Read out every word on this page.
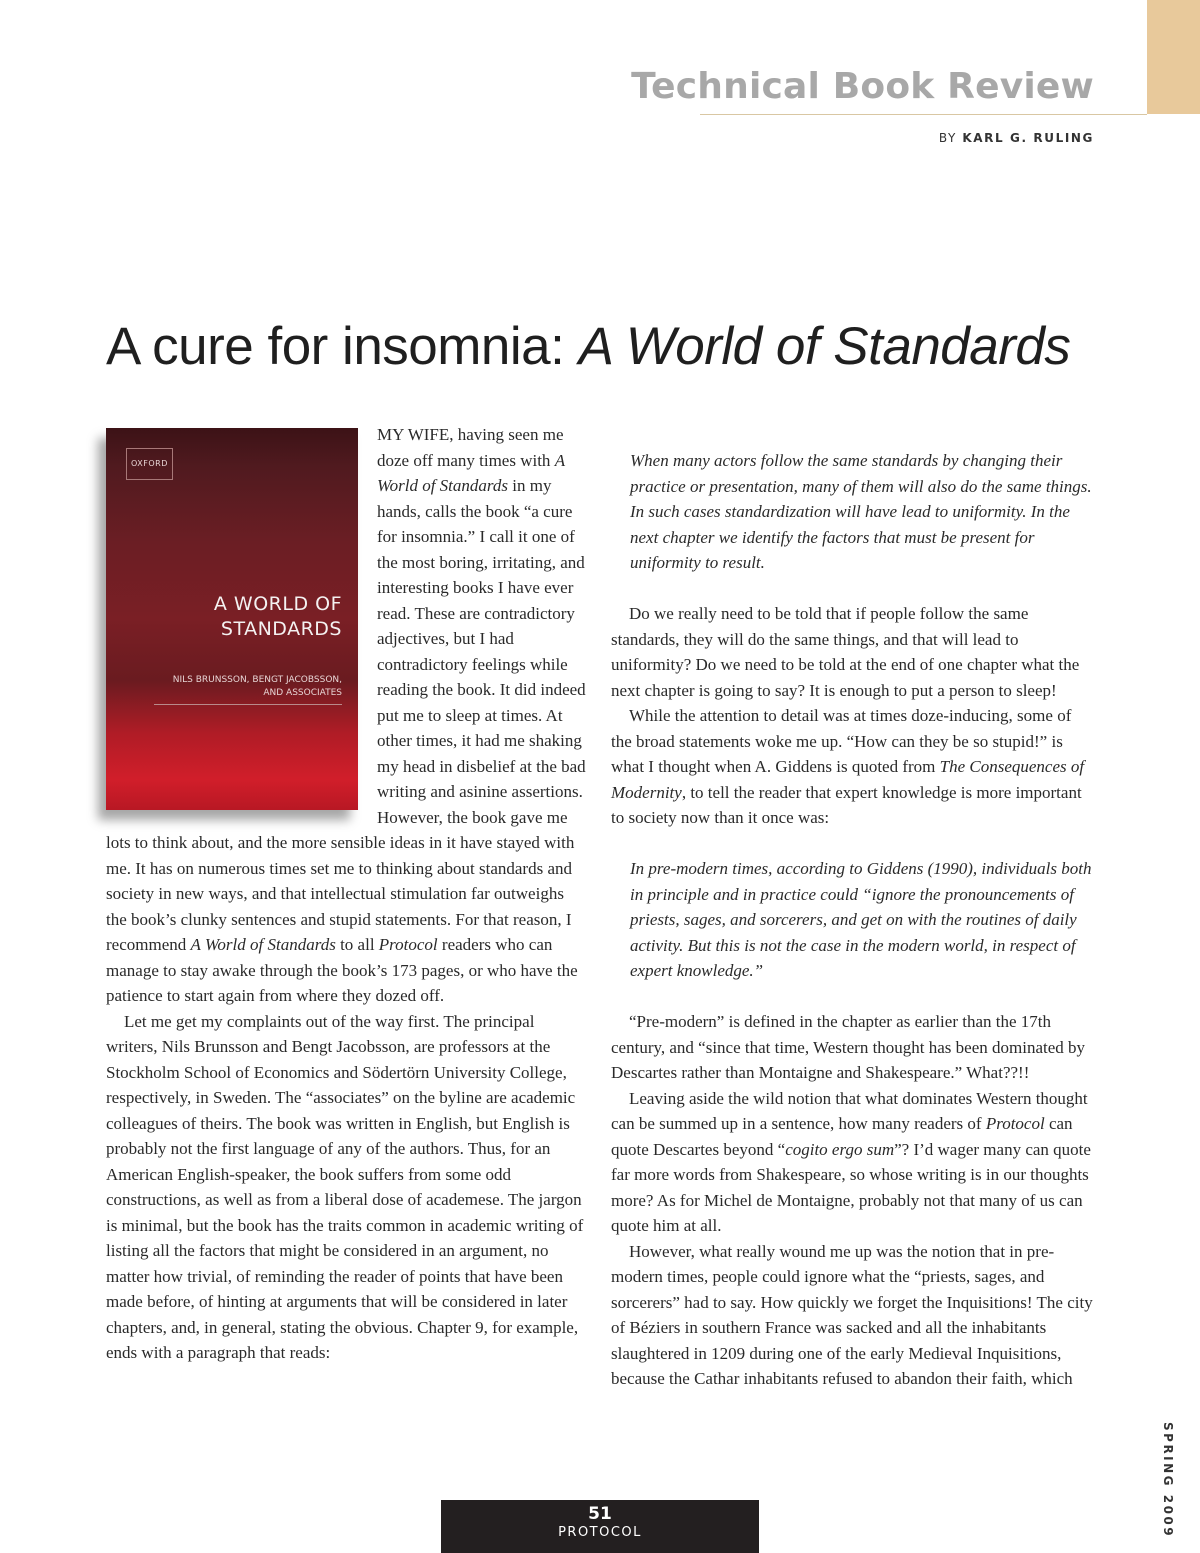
Technical Book Review
BY KARL G. RULING
A cure for insomnia: A World of Standards
OXFORD
A WORLD OF
STANDARDS
NILS BRUNSSON, BENGT JACOBSSON,
AND ASSOCIATES

MY WIFE, having seen me doze off many times with A World of Standards in my hands, calls the book “a cure for insomnia.” I call it one of the most boring, irritating, and interesting books I have ever read. These are contradictory adjectives, but I had contradictory feelings while reading the book. It did indeed put me to sleep at times. At other times, it had me shaking my head in disbelief at the bad writing and asinine assertions. However, the book gave me lots to think about, and the more sensible ideas in it have stayed with me. It has on numerous times set me to thinking about standards and society in new ways, and that intellectual stimulation far outweighs the book’s clunky sentences and stupid statements. For that reason, I recommend A World of Standards to all Protocol readers who can manage to stay awake through the book’s 173 pages, or who have the patience to start again from where they dozed off.

Let me get my complaints out of the way first. The principal writers, Nils Brunsson and Bengt Jacobsson, are professors at the Stockholm School of Economics and Södertörn University College, respectively, in Sweden. The “associates” on the byline are academic colleagues of theirs. The book was written in English, but English is probably not the first language of any of the authors. Thus, for an American English-speaker, the book suffers from some odd constructions, as well as from a liberal dose of academese. The jargon is minimal, but the book has the traits common in academic writing of listing all the factors that might be considered in an argument, no matter how trivial, of reminding the reader of points that have been made before, of hinting at arguments that will be considered in later chapters, and, in general, stating the obvious. Chapter 9, for example, ends with a paragraph that reads:

When many actors follow the same standards by changing their practice or presentation, many of them will also do the same things. In such cases standardization will have lead to uniformity. In the next chapter we identify the factors that must be present for uniformity to result.

Do we really need to be told that if people follow the same standards, they will do the same things, and that will lead to uniformity? Do we need to be told at the end of one chapter what the next chapter is going to say? It is enough to put a person to sleep!

While the attention to detail was at times doze-inducing, some of the broad statements woke me up. “How can they be so stupid!” is what I thought when A. Giddens is quoted from The Consequences of Modernity, to tell the reader that expert knowledge is more important to society now than it once was:

In pre-modern times, according to Giddens (1990), individuals both in principle and in practice could “ignore the pronouncements of priests, sages, and sorcerers, and get on with the routines of daily activity. But this is not the case in the modern world, in respect of expert knowledge.”

“Pre-modern” is defined in the chapter as earlier than the 17th century, and “since that time, Western thought has been dominated by Descartes rather than Montaigne and Shakespeare.” What??!!

Leaving aside the wild notion that what dominates Western thought can be summed up in a sentence, how many readers of Protocol can quote Descartes beyond “cogito ergo sum”? I’d wager many can quote far more words from Shakespeare, so whose writing is in our thoughts more? As for Michel de Montaigne, probably not that many of us can quote him at all.

However, what really wound me up was the notion that in pre-modern times, people could ignore what the “priests, sages, and sorcerers” had to say. How quickly we forget the Inquisitions! The city of Béziers in southern France was sacked and all the inhabitants slaughtered in 1209 during one of the early Medieval Inquisitions, because the Cathar inhabitants refused to abandon their faith, which

SPRING 2009
51
PROTOCOL
